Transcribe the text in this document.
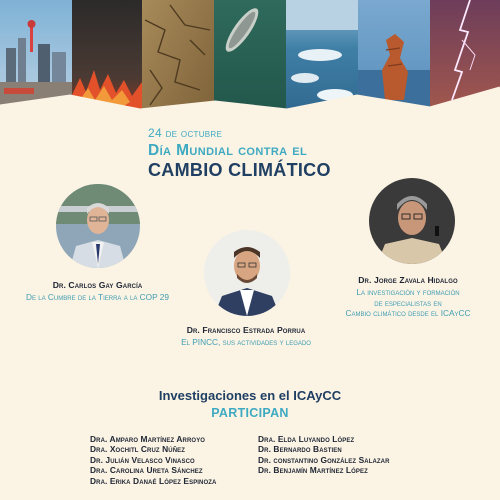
24 de octubre
Día Mundial contra el
CAMBIO CLIMÁTICO
Dr. Carlos Gay García
De la Cumbre de la Tierra a la COP 29
Dr. Francisco Estrada Porrua
El PINCC, sus actividades y legado
Dr. Jorge Zavala Hidalgo
La investigación y formación
de especialistas en
Cambio climático desde el ICAyCC
Investigaciones en el ICAyCC
PARTICIPAN
Dra. Amparo Martínez Arroyo
Dra. Xochitl Cruz Núñez
Dr. Julián Velasco Vinasco
Dra. Carolina Ureta Sánchez
Dra. Erika Danaé López Espinoza
Dra. Elda Luyando López
Dr. Bernardo Bastien
Dr. constantino González Salazar
Dr. Benjamín Martínez López
